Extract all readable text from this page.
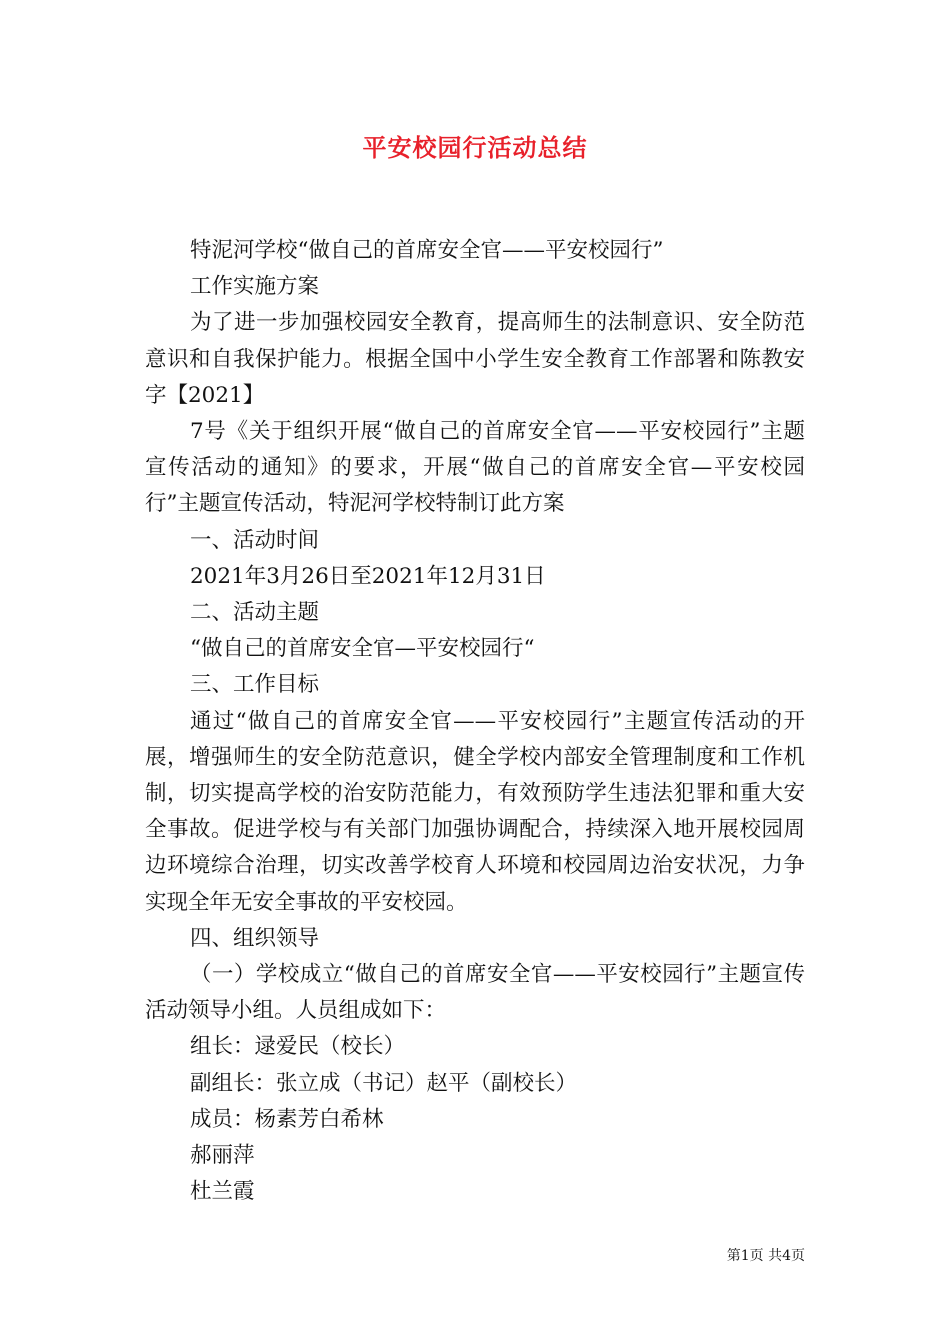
平安校园行活动总结

特泥河学校“做自己的首席安全官——平安校园行”

工作实施方案

为了进一步加强校园安全教育，提高师生的法制意识、安全防范意识和自我保护能力。根据全国中小学生安全教育工作部署和陈教安字【2021】

7号《关于组织开展“做自己的首席安全官——平安校园行”主题宣传活动的通知》的要求，开展“做自己的首席安全官—平安校园行”主题宣传活动，特泥河学校特制订此方案

一、活动时间

2021年3月26日至2021年12月31日

二、活动主题

“做自己的首席安全官—平安校园行“

三、工作目标

通过“做自己的首席安全官——平安校园行”主题宣传活动的开展，增强师生的安全防范意识，健全学校内部安全管理制度和工作机制，切实提高学校的治安防范能力，有效预防学生违法犯罪和重大安全事故。促进学校与有关部门加强协调配合，持续深入地开展校园周边环境综合治理，切实改善学校育人环境和校园周边治安状况，力争实现全年无安全事故的平安校园。

四、组织领导

（一）学校成立“做自己的首席安全官——平安校园行”主题宣传活动领导小组。人员组成如下：

组长：逯爱民（校长）

副组长：张立成（书记）赵平（副校长）

成员：杨素芳白希林

郝丽萍

杜兰霞

第1页 共4页
